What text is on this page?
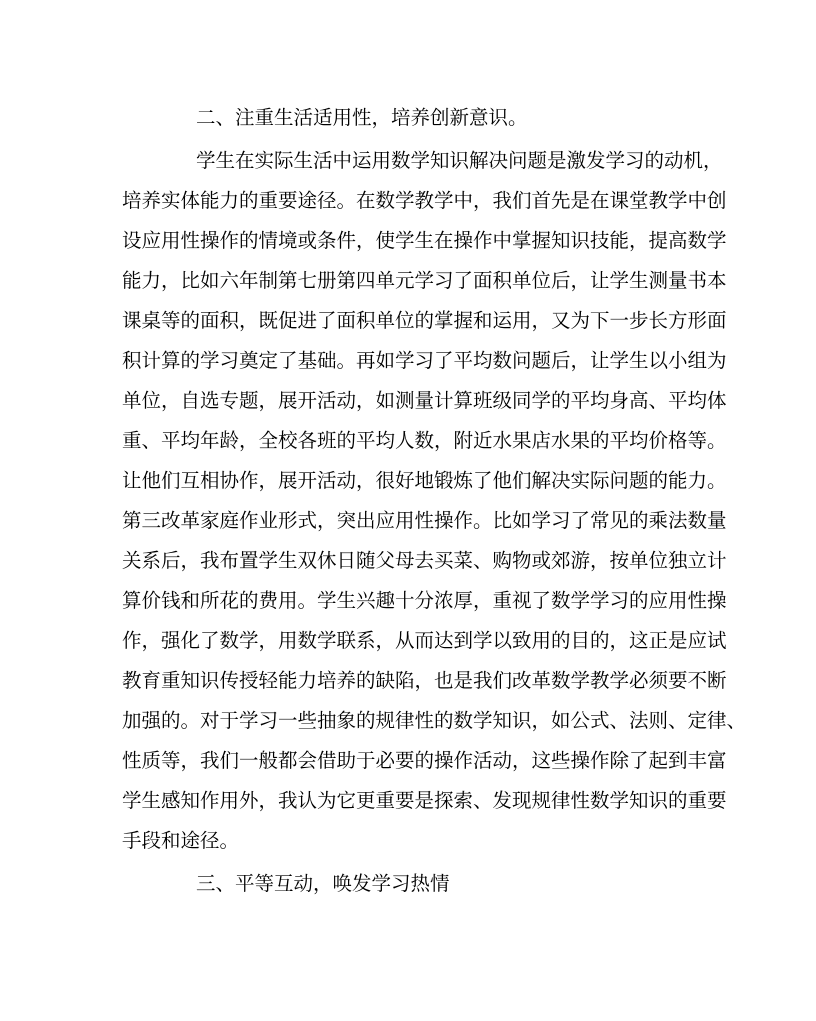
二、注重生活适用性，培养创新意识。
学生在实际生活中运用数学知识解决问题是激发学习的动机，
培养实体能力的重要途径。在数学教学中，我们首先是在课堂教学中创
设应用性操作的情境或条件，使学生在操作中掌握知识技能，提高数学
能力，比如六年制第七册第四单元学习了面积单位后，让学生测量书本
课桌等的面积，既促进了面积单位的掌握和运用，又为下一步长方形面
积计算的学习奠定了基础。再如学习了平均数问题后，让学生以小组为
单位，自选专题，展开活动，如测量计算班级同学的平均身高、平均体
重、平均年龄，全校各班的平均人数，附近水果店水果的平均价格等。
让他们互相协作，展开活动，很好地锻炼了他们解决实际问题的能力。
第三改革家庭作业形式，突出应用性操作。比如学习了常见的乘法数量
关系后，我布置学生双休日随父母去买菜、购物或郊游，按单位独立计
算价钱和所花的费用。学生兴趣十分浓厚，重视了数学学习的应用性操
作，强化了数学，用数学联系，从而达到学以致用的目的，这正是应试
教育重知识传授轻能力培养的缺陷，也是我们改革数学教学必须要不断
加强的。对于学习一些抽象的规律性的数学知识，如公式、法则、定律、
性质等，我们一般都会借助于必要的操作活动，这些操作除了起到丰富
学生感知作用外，我认为它更重要是探索、发现规律性数学知识的重要
手段和途径。
三、平等互动，唤发学习热情
